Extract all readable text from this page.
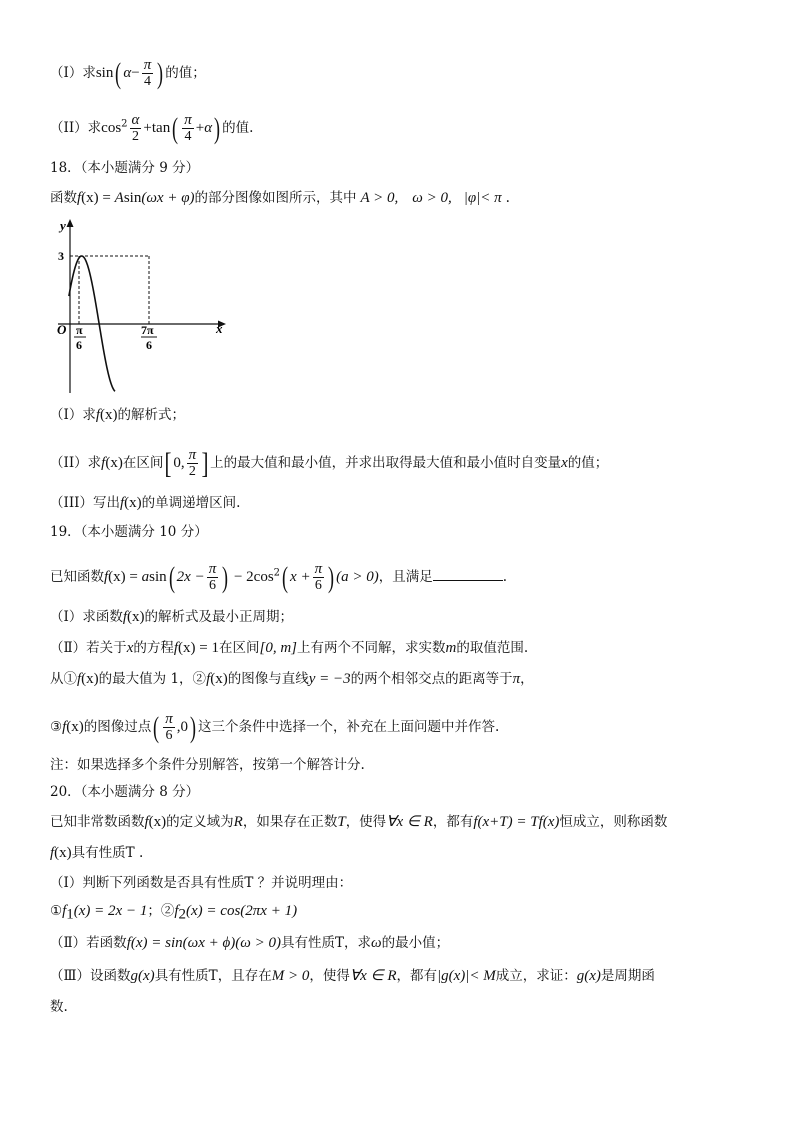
（I）求sin( $\alpha- \frac{\pi}{4}$ ) 的值；
（II）求$\cos^2 \frac{\alpha}{2} +\tan( \frac{\pi}{4} +\alpha)$ 的值.
18．（本小题满分 9 分）
函数f(x) = Asin(ωx + φ)的部分图像如图所示，其中 A > 0, ω > 0, |φ|< π .
y
x
O
3
π
6
7π
6
（I）求f(x)的解析式；
（II）求f(x)在区间[ 0, $\frac{\pi}{2}$ ] 上的最大值和最小值，并求出取得最大值和最小值时自变量x的值；
（III）写出f(x)的单调递增区间.
19．（本小题满分 10 分）
已知函数f(x) = asin( $2x - \frac{\pi}{6}$ ) − $2\cos^2$( $x + \frac{\pi}{6}$ ) (a > 0)，且满足	.
（I）求函数f(x)的解析式及最小正周期；
（Ⅱ）若关于x的方程f(x) = 1在区间[0, m]上有两个不同解，求实数m的取值范围.
从①f(x)的最大值为 1，②f(x)的图像与直线y = −3的两个相邻交点的距离等于π，
③f(x)的图像过点( $\frac{\pi}{6} ,0$) 这三个条件中选择一个，补充在上面问题中并作答.
注：如果选择多个条件分别解答，按第一个解答计分.
20．（本小题满分 8 分）
已知非常数函数f(x)的定义域为R，如果存在正数T，使得∀x ∈ R，都有f(x+T) = Tf(x)恒成立，则称函数
f(x)具有性质Τ .
（I）判断下列函数是否具有性质Τ ？并说明理由：
$①f_1(x) = 2x - 1$；$②f_2(x) = \cos(2\pi x + 1)$
（Ⅱ）若函数f(x) = sin(ωx + ϕ)(ω > 0)具有性质Τ，求ω的最小值；
（Ⅲ）设函数g(x)具有性质Τ，且存在M > 0，使得∀x ∈ R，都有|g(x)|< M成立，求证：g(x)是周期函
数.
